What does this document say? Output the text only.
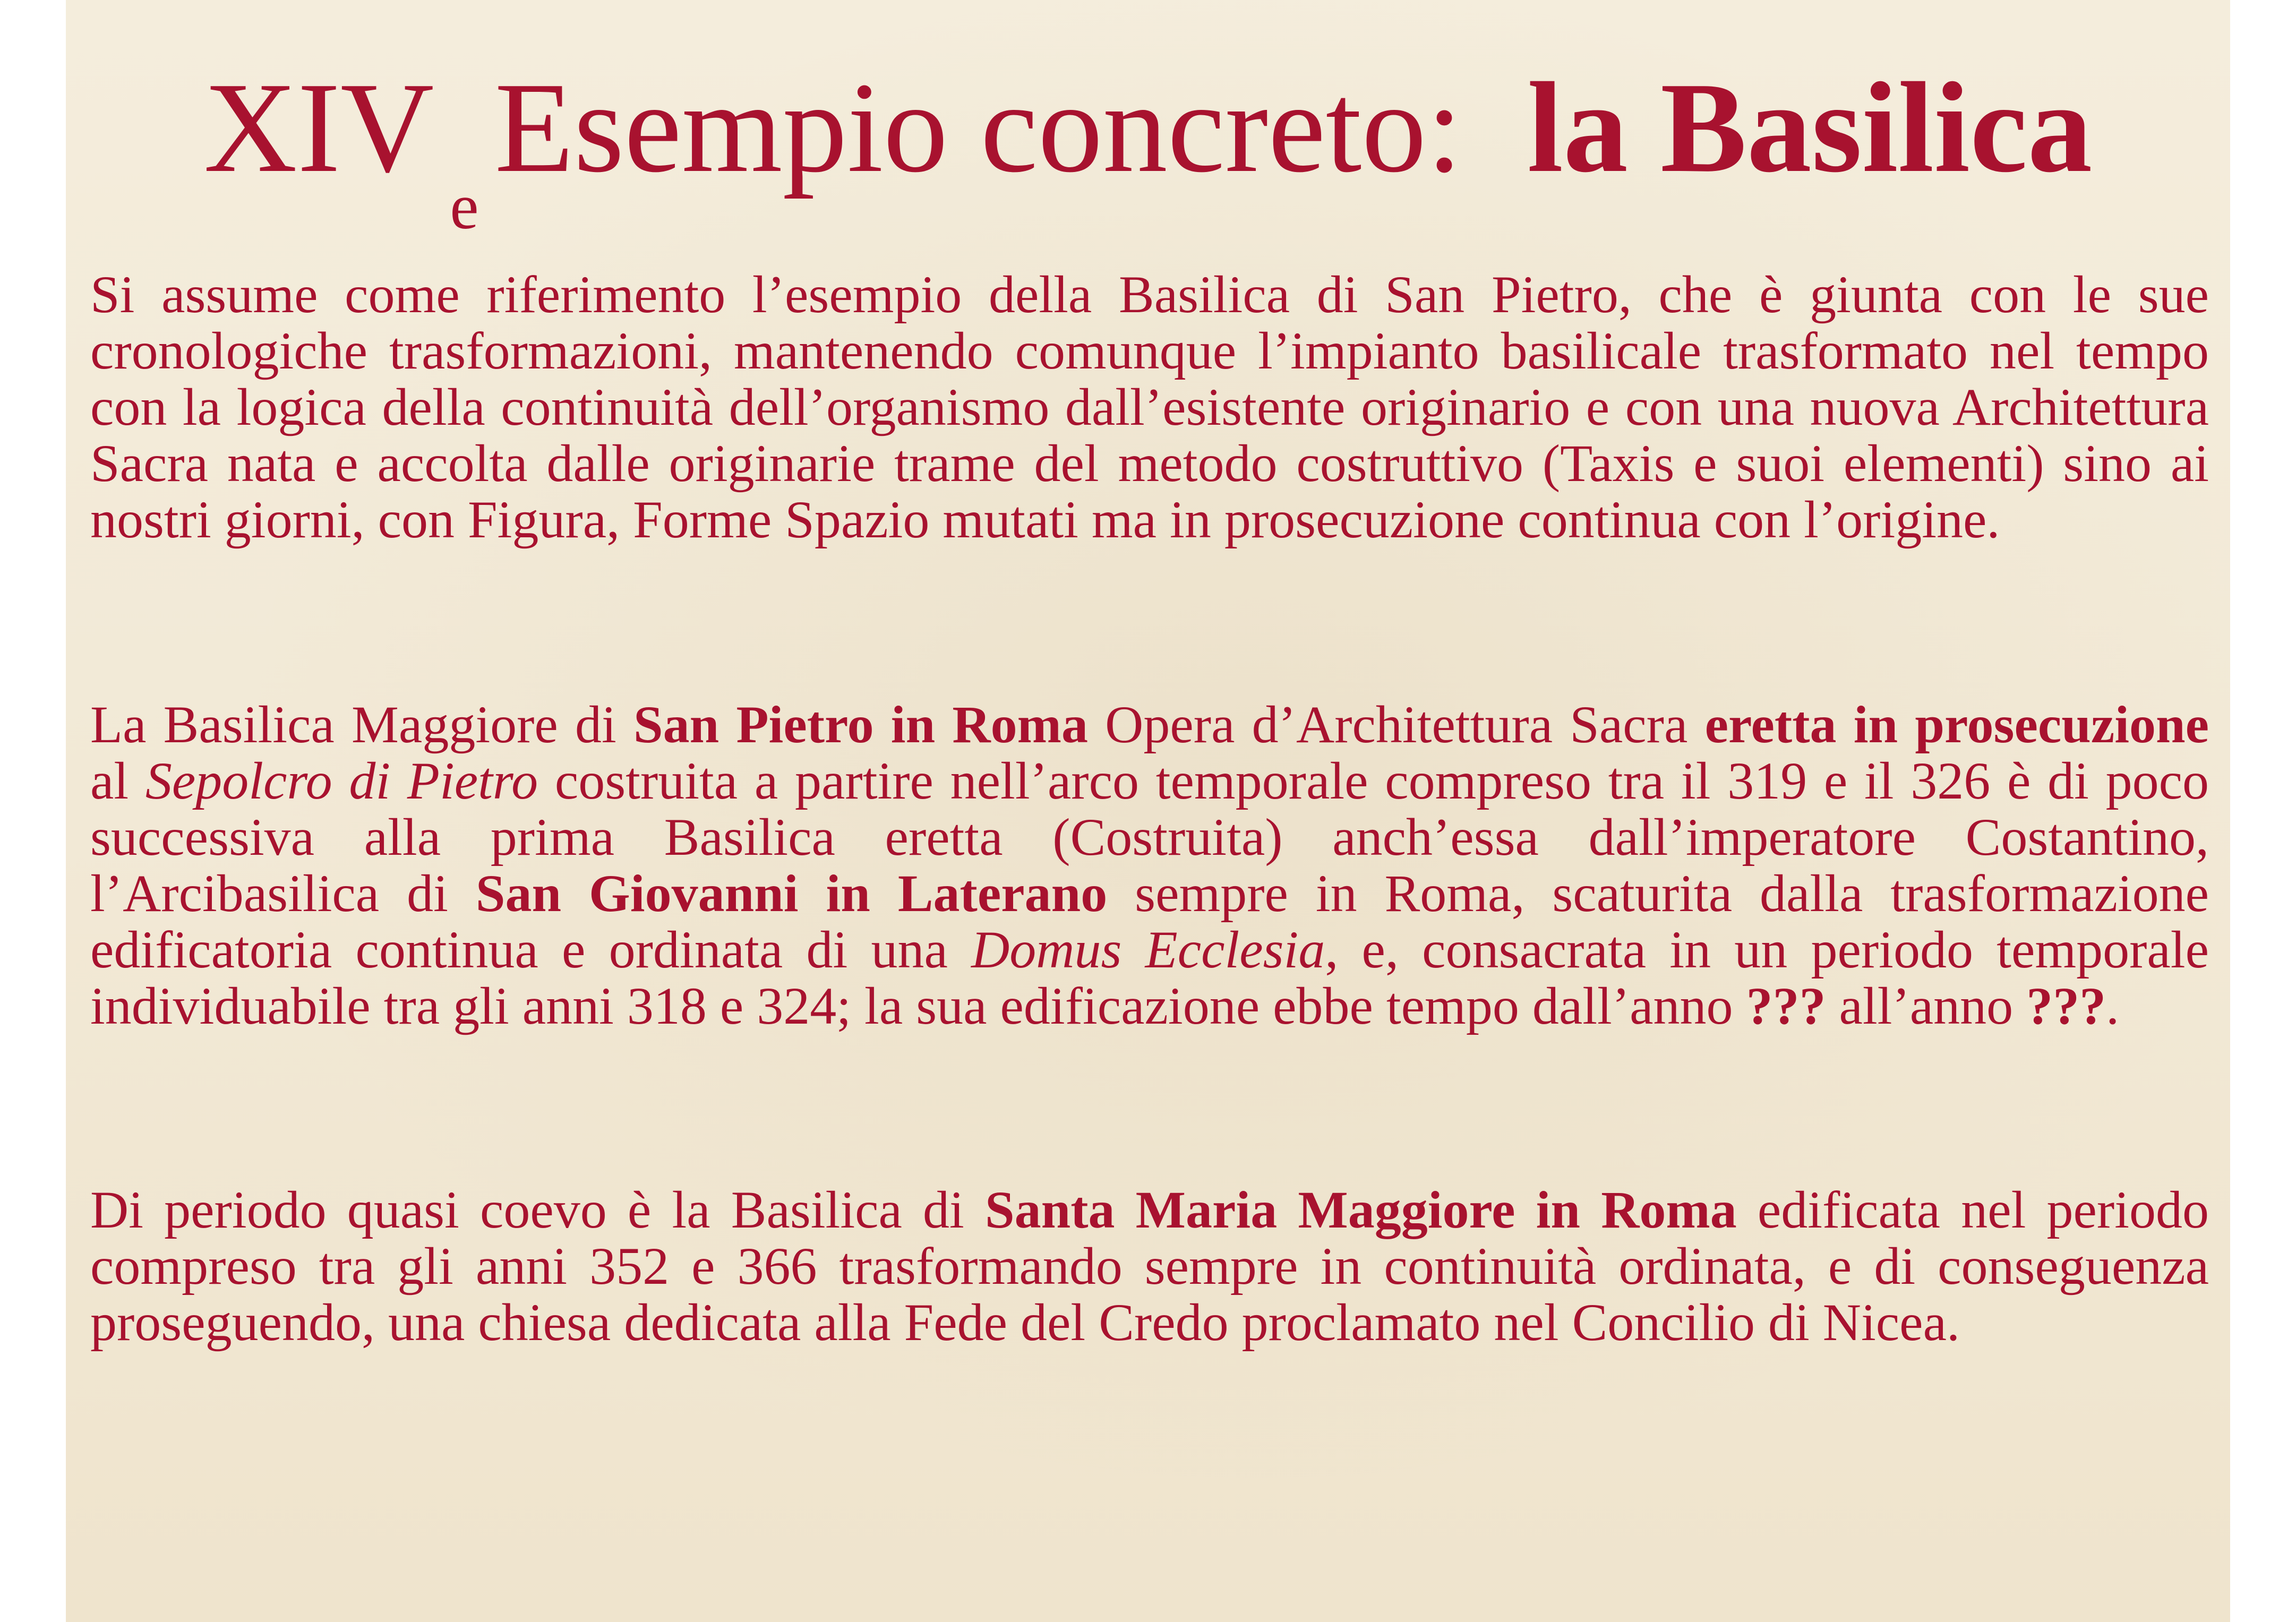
$XIV_eEsempio$ concreto: la Basilica

Si assume come riferimento l’esempio della Basilica di San Pietro, che è giunta con le sue cronologiche trasformazioni, mantenendo comunque l’impianto basilicale trasformato nel tempo con la logica della continuità dell’organismo dall’esistente originario e con una nuova Architettura Sacra nata e accolta dalle originarie trame del metodo costruttivo (Taxis e suoi elementi) sino ai nostri giorni, con Figura, Forme Spazio mutati ma in prosecuzione continua con l’origine.

La Basilica Maggiore di San Pietro in Roma Opera d’Architettura Sacra eretta in prosecuzione al Sepolcro di Pietro costruita a partire nell’arco temporale compreso tra il 319 e il 326 è di poco successiva alla prima Basilica eretta (Costruita) anch’essa dall’imperatore Costantino, l’Arcibasilica di San Giovanni in Laterano sempre in Roma, scaturita dalla trasformazione edificatoria continua e ordinata di una Domus Ecclesia, e, consacrata in un periodo temporale individuabile tra gli anni 318 e 324; la sua edificazione ebbe tempo dall’anno ??? all’anno ???.

Di periodo quasi coevo è la Basilica di Santa Maria Maggiore in Roma edificata nel periodo compreso tra gli anni 352 e 366 trasformando sempre in continuità ordinata, e di conseguenza proseguendo, una chiesa dedicata alla Fede del Credo proclamato nel Concilio di Nicea.
